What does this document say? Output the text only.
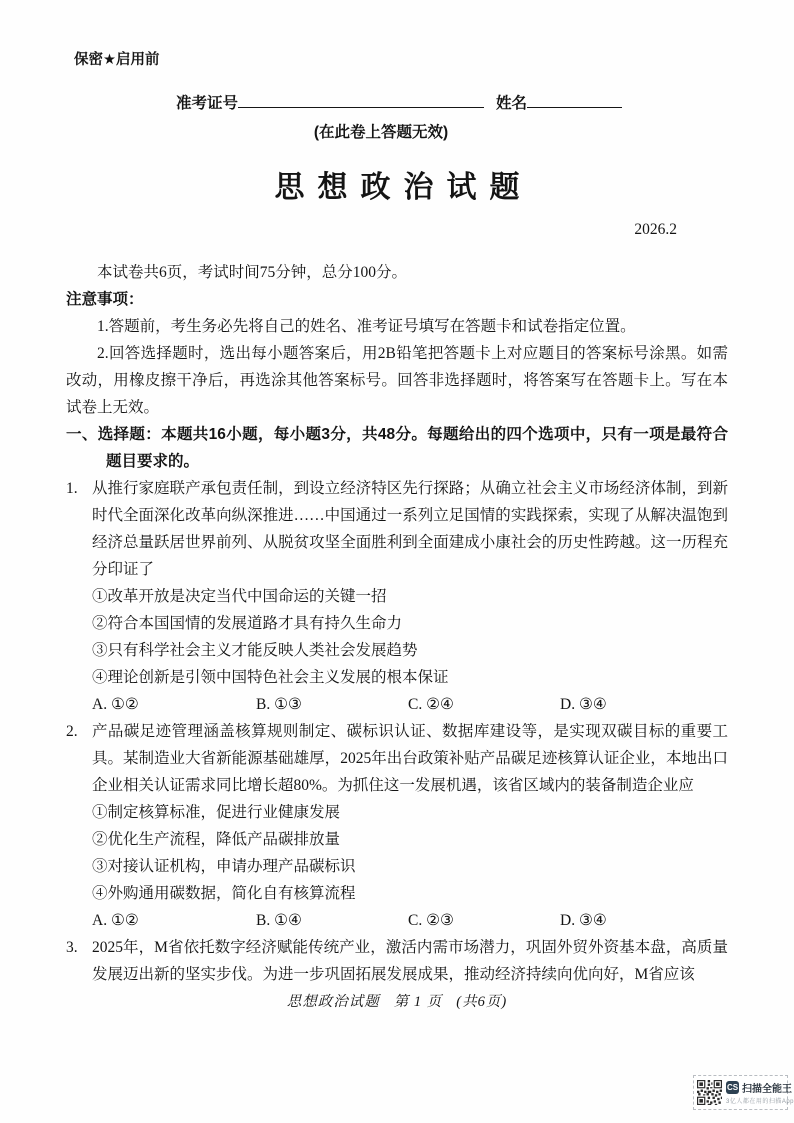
保密★启用前
准考证号	姓名
(在此卷上答题无效)
思想政治试题
2026.2

本试卷共6页，考试时间75分钟，总分100分。

注意事项：

1.答题前，考生务必先将自己的姓名、准考证号填写在答题卡和试卷指定位置。

2.回答选择题时，选出每小题答案后，用2B铅笔把答题卡上对应题目的答案标号涂黑。如需改动，用橡皮擦干净后，再选涂其他答案标号。回答非选择题时，将答案写在答题卡上。写在本试卷上无效。

一、选择题：本题共16小题，每小题3分，共48分。每题给出的四个选项中，只有一项是最符合题目要求的。

1. 从推行家庭联产承包责任制，到设立经济特区先行探路；从确立社会主义市场经济体制，到新时代全面深化改革向纵深推进……中国通过一系列立足国情的实践探索，实现了从解决温饱到经济总量跃居世界前列、从脱贫攻坚全面胜利到全面建成小康社会的历史性跨越。这一历程充分印证了
①改革开放是决定当代中国命运的关键一招
②符合本国国情的发展道路才具有持久生命力
③只有科学社会主义才能反映人类社会发展趋势
④理论创新是引领中国特色社会主义发展的根本保证
A. ①②	B. ①③	C. ②④	D. ③④
2. 产品碳足迹管理涵盖核算规则制定、碳标识认证、数据库建设等，是实现双碳目标的重要工具。某制造业大省新能源基础雄厚，2025年出台政策补贴产品碳足迹核算认证企业，本地出口企业相关认证需求同比增长超80%。为抓住这一发展机遇，该省区域内的装备制造企业应
①制定核算标准，促进行业健康发展
②优化生产流程，降低产品碳排放量
③对接认证机构，申请办理产品碳标识
④外购通用碳数据，简化自有核算流程
A. ①②	B. ①④	C. ②③	D. ③④
3. 2025年，M省依托数字经济赋能传统产业，激活内需市场潜力，巩固外贸外资基本盘，高质量发展迈出新的坚实步伐。为进一步巩固拓展发展成果，推动经济持续向优向好，M省应该
思想政治试题 第 1 页 (共6页)
CS 扫描全能王
3亿人都在用的扫描App
